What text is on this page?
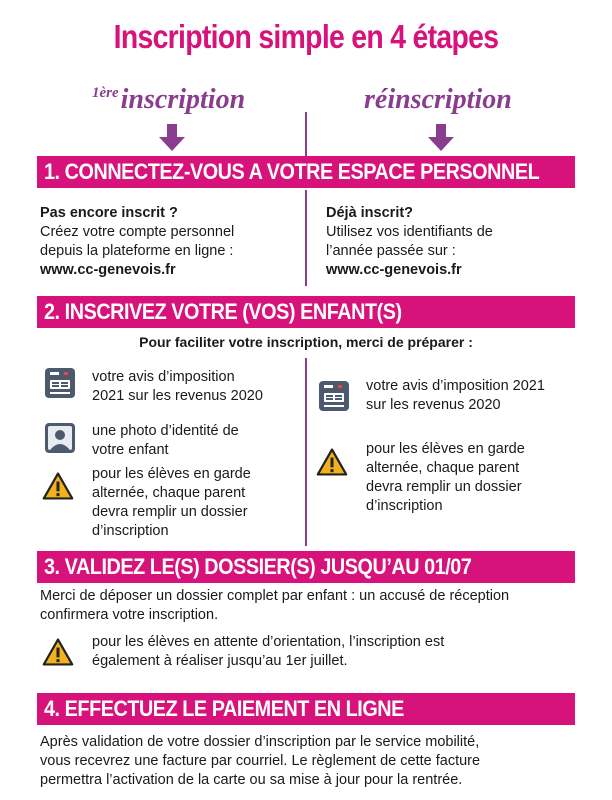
Inscription simple en 4 étapes
$^{1ère}$inscription	réinscription
1. CONNECTEZ-VOUS A VOTRE ESPACE PERSONNEL
Pas encore inscrit ?
Créez votre compte personnel
depuis la plateforme en ligne :
www.cc-genevois.fr
Déjà inscrit?
Utilisez vos identifiants de
l’année passée sur :
www.cc-genevois.fr
2. INSCRIVEZ VOTRE (VOS) ENFANT(S)
Pour faciliter votre inscription, merci de préparer :
votre avis d’imposition
2021 sur les revenus 2020
une photo d’identité de
votre enfant
pour les élèves en garde
alternée, chaque parent
devra remplir un dossier
d’inscription
votre avis d’imposition 2021
sur les revenus 2020
pour les élèves en garde
alternée, chaque parent
devra remplir un dossier
d’inscription
3. VALIDEZ LE(S) DOSSIER(S) JUSQU’AU 01/07
Merci de déposer un dossier complet par enfant : un accusé de réception
confirmera votre inscription.
pour les élèves en attente d’orientation, l’inscription est
également à réaliser jusqu’au 1er juillet.
4. EFFECTUEZ LE PAIEMENT EN LIGNE
Après validation de votre dossier d’inscription par le service mobilité,
vous recevrez une facture par courriel. Le règlement de cette facture
permettra l’activation de la carte ou sa mise à jour pour la rentrée.
